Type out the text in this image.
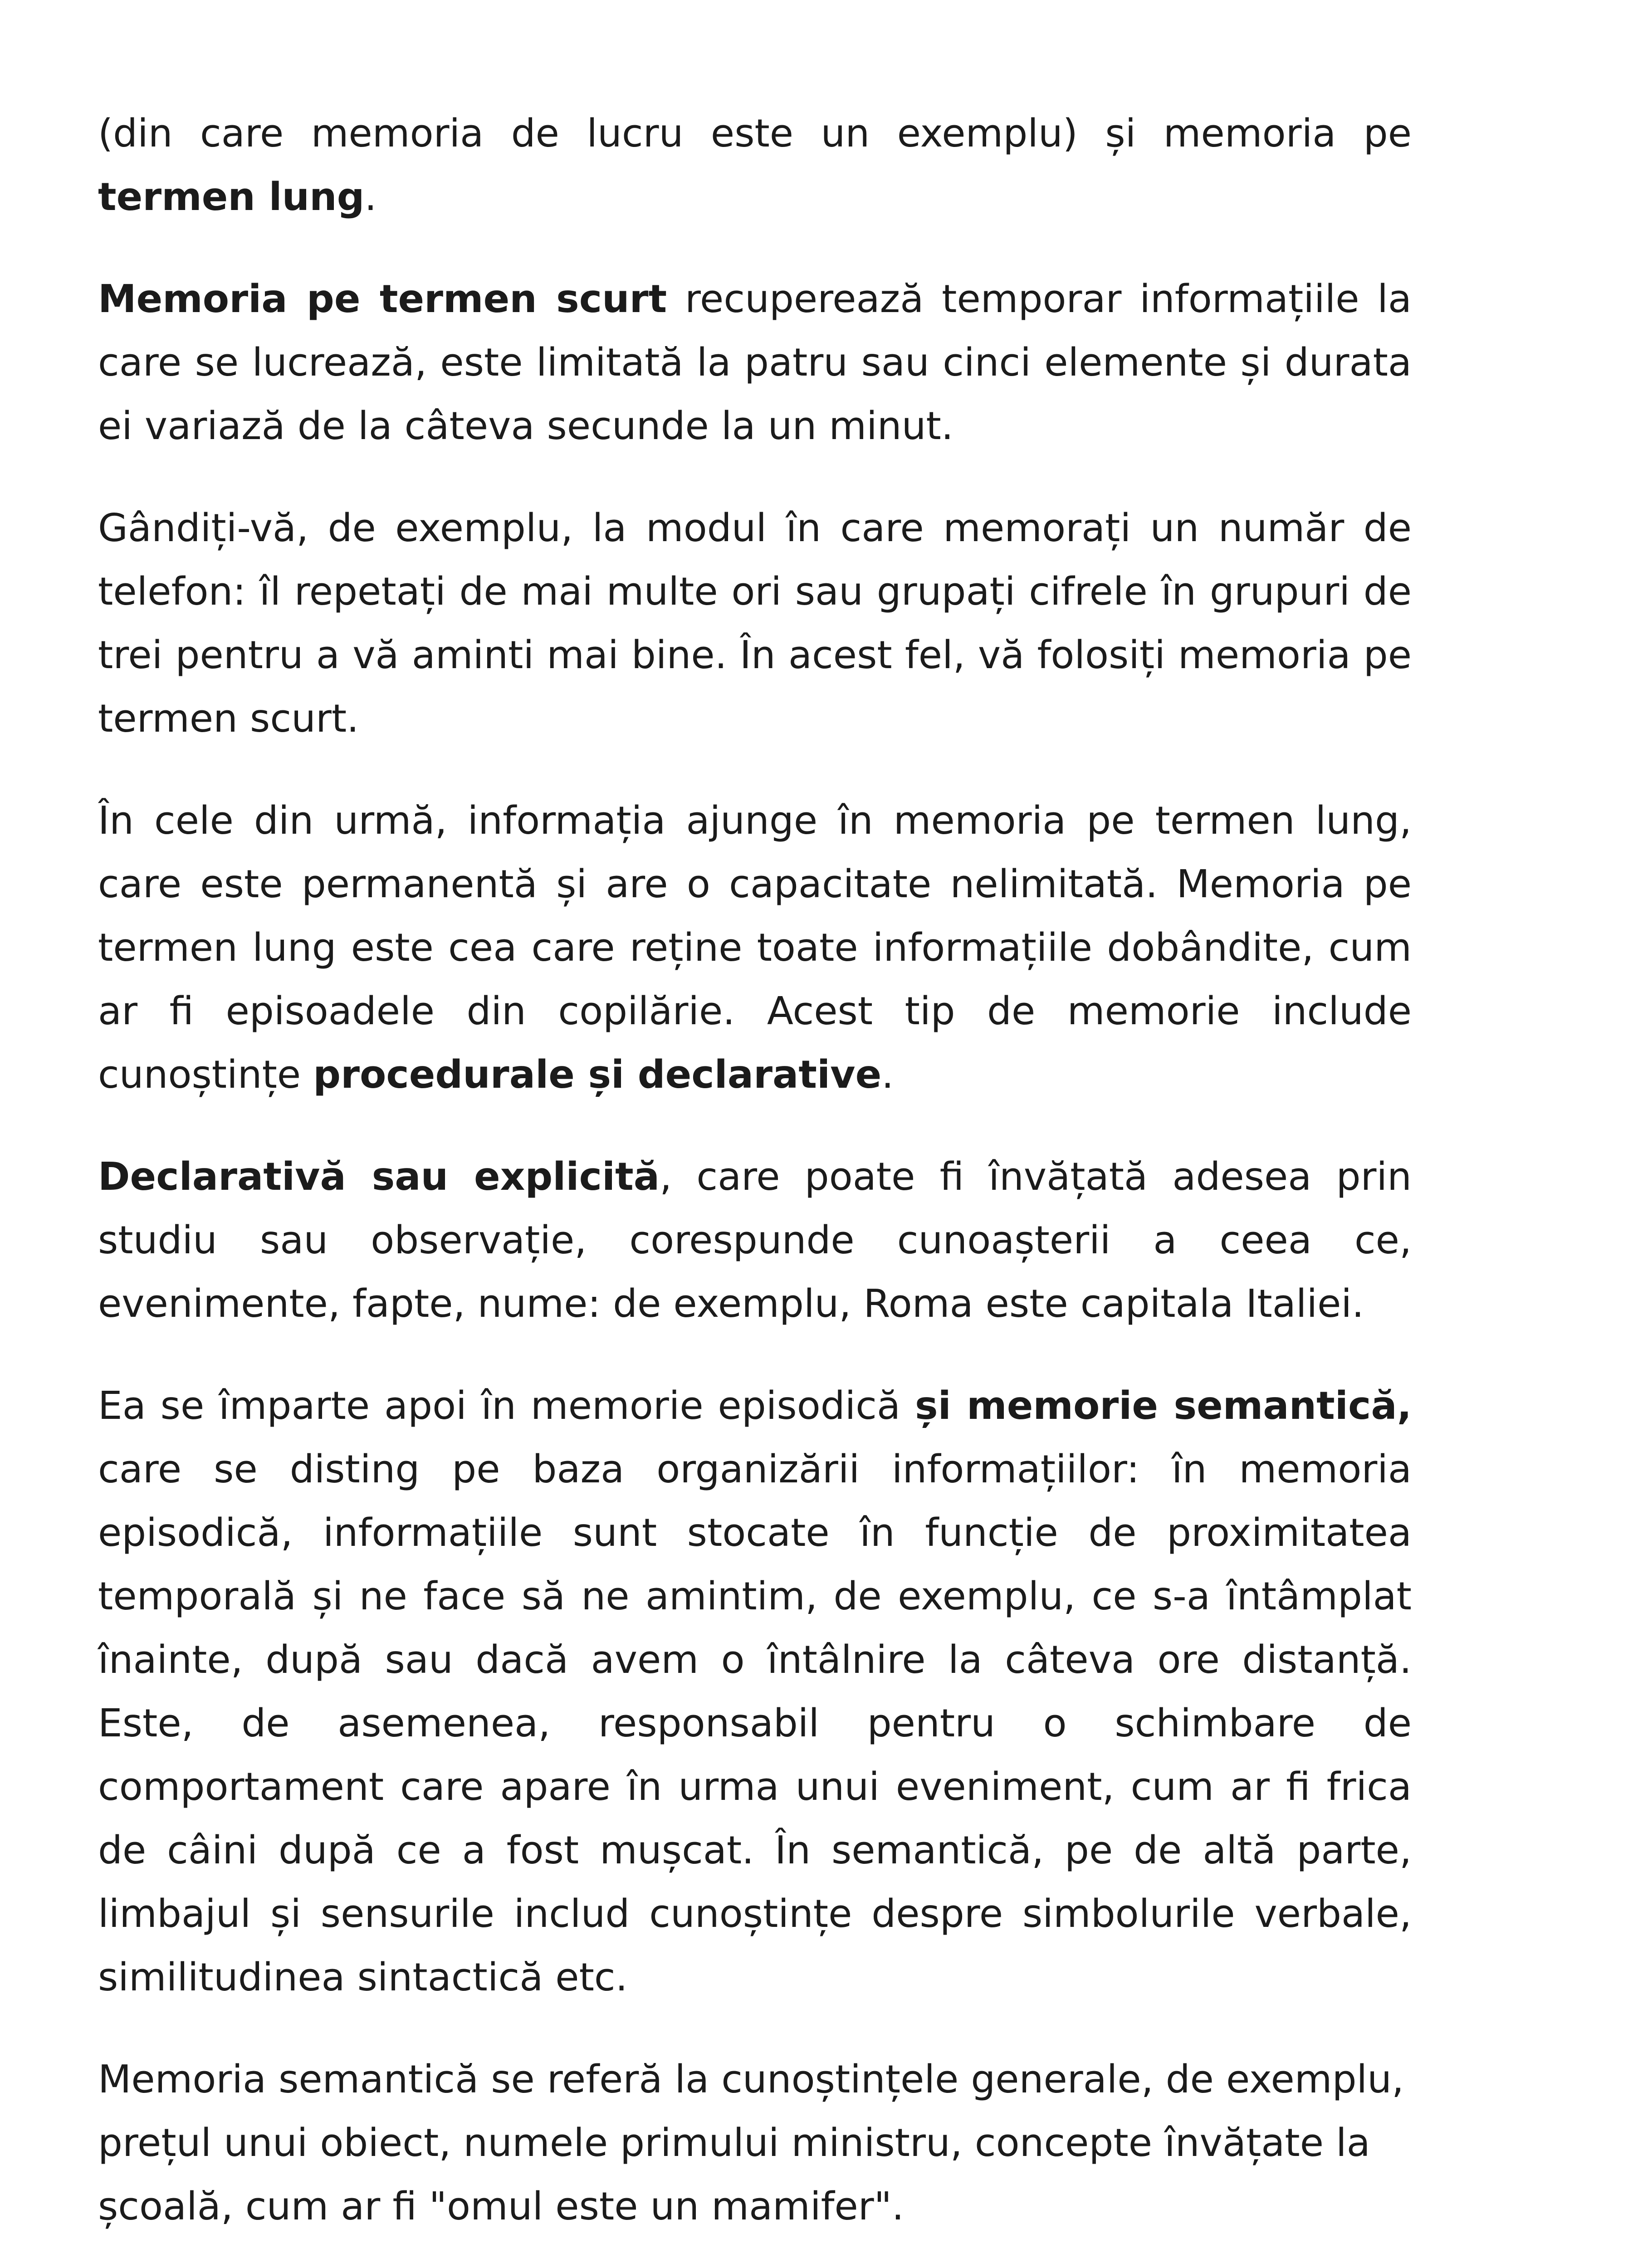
(din care memoria de lucru este un exemplu) și memoria pe termen lung.

Memoria pe termen scurt recuperează temporar informațiile la care se lucrează, este limitată la patru sau cinci elemente și durata ei variază de la câteva secunde la un minut.

Gândiți-vă, de exemplu, la modul în care memorați un număr de telefon: îl repetați de mai multe ori sau grupați cifrele în grupuri de trei pentru a vă aminti mai bine. În acest fel, vă folosiți memoria pe termen scurt.

În cele din urmă, informația ajunge în memoria pe termen lung, care este permanentă și are o capacitate nelimitată. Memoria pe termen lung este cea care reține toate informațiile dobândite, cum ar fi episoadele din copilărie. Acest tip de memorie include cunoștințe procedurale și declarative.

Declarativă sau explicită, care poate fi învățată adesea prin studiu sau observație, corespunde cunoașterii a ceea ce, evenimente, fapte, nume: de exemplu, Roma este capitala Italiei.

Ea se împarte apoi în memorie episodică și memorie semantică, care se disting pe baza organizării informațiilor: în memoria episodică, informațiile sunt stocate în funcție de proximitatea temporală și ne face să ne amintim, de exemplu, ce s-a întâmplat înainte, după sau dacă avem o întâlnire la câteva ore distanță. Este, de asemenea, responsabil pentru o schimbare de comportament care apare în urma unui eveniment, cum ar fi frica de câini după ce a fost mușcat. În semantică, pe de altă parte, limbajul și sensurile includ cunoștințe despre simbolurile verbale, similitudinea sintactică etc.

Memoria semantică se referă la cunoștințele generale, de exemplu, prețul unui obiect, numele primului ministru, concepte învățate la școală, cum ar fi "omul este un mamifer".
